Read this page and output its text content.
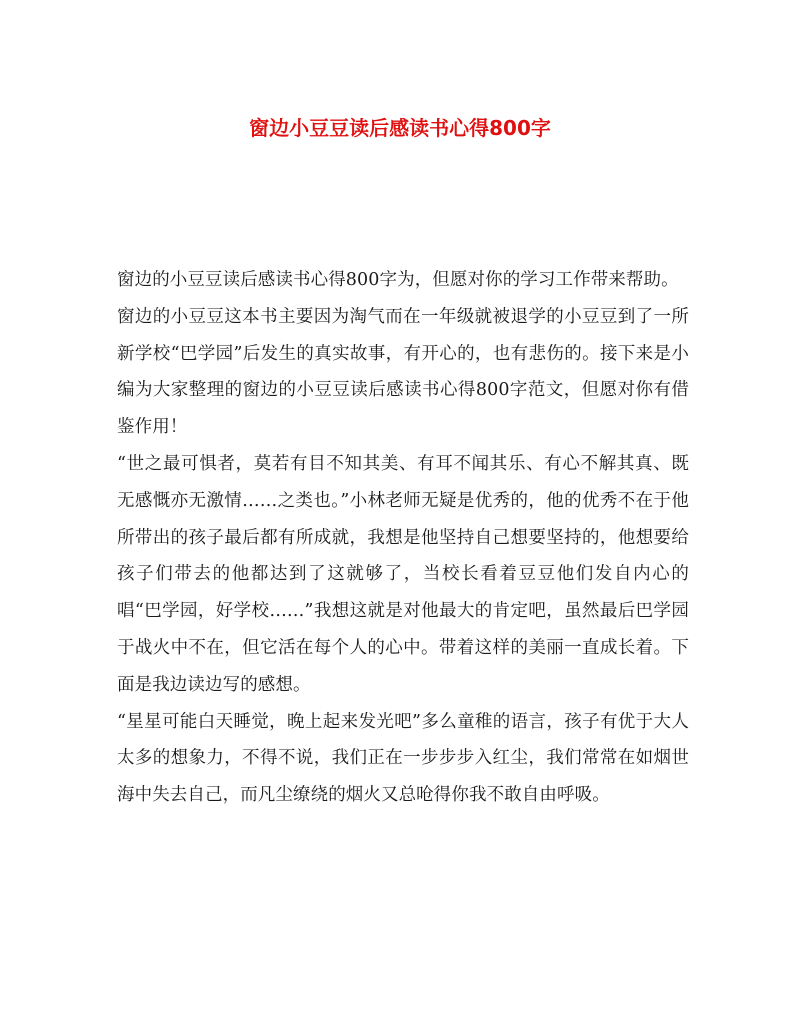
窗边小豆豆读后感读书心得800字

窗边的小豆豆读后感读书心得800字为，但愿对你的学习工作带来帮助。

窗边的小豆豆这本书主要因为淘气而在一年级就被退学的小豆豆到了一所新学校“巴学园”后发生的真实故事，有开心的，也有悲伤的。接下来是小编为大家整理的窗边的小豆豆读后感读书心得800字范文，但愿对你有借鉴作用！

“世之最可惧者，莫若有目不知其美、有耳不闻其乐、有心不解其真、既无感慨亦无激情……之类也。”小林老师无疑是优秀的，他的优秀不在于他所带出的孩子最后都有所成就，我想是他坚持自己想要坚持的，他想要给孩子们带去的他都达到了这就够了，当校长看着豆豆他们发自内心的唱“巴学园，好学校……”我想这就是对他最大的肯定吧，虽然最后巴学园于战火中不在，但它活在每个人的心中。带着这样的美丽一直成长着。下面是我边读边写的感想。

“星星可能白天睡觉，晚上起来发光吧”多么童稚的语言，孩子有优于大人太多的想象力，不得不说，我们正在一步步步入红尘，我们常常在如烟世海中失去自己，而凡尘缭绕的烟火又总呛得你我不敢自由呼吸。
